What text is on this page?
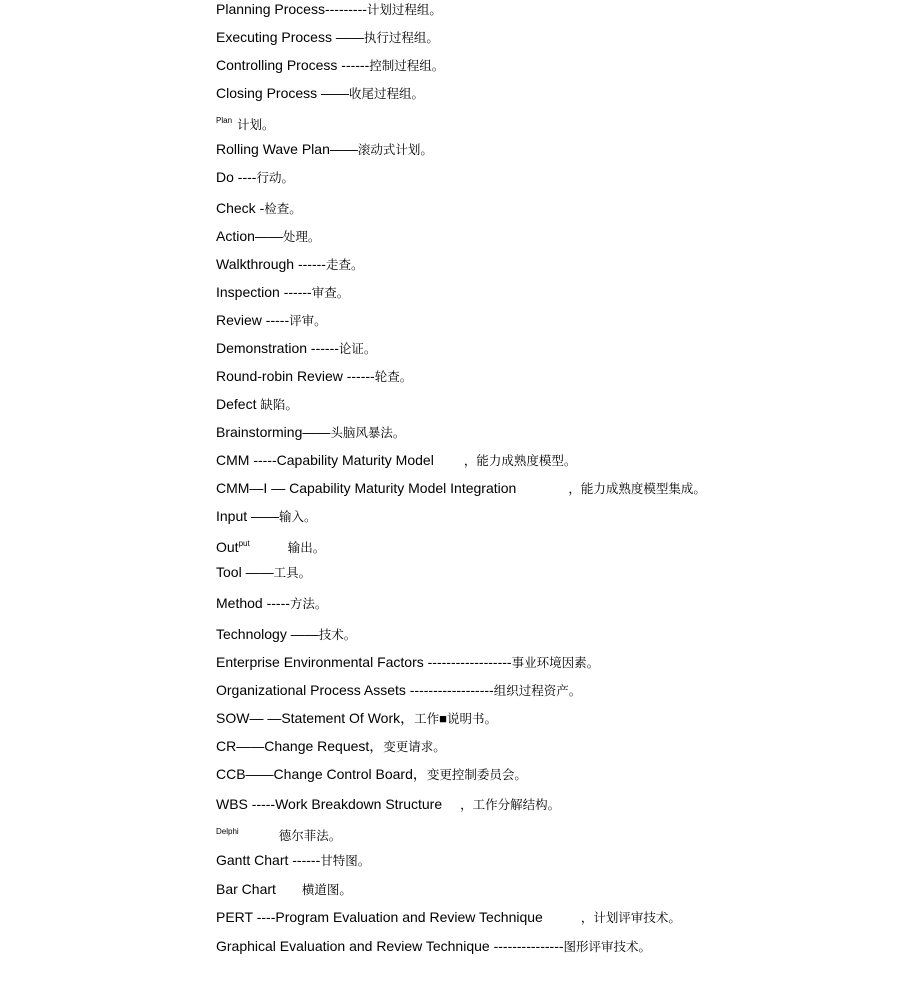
Planning Process---------计划过程组。
Executing Process ——执行过程组。
Controlling Process ------控制过程组。
Closing Process ——收尾过程组。
$^{Plan}$ 计划。
Rolling Wave Plan——滚动式计划。
Do ----行动。
Check -检查。
Action——处理。
Walkthrough ------走查。
Inspection ------审查。
Review -----评审。
Demonstration ------论证。
Round-robin Review ------轮查。
Defect 缺陷。
Brainstorming——头脑风暴法。
CMM -----Capability Maturity Model ，能力成熟度模型。
CMM—I — Capability Maturity Model Integration	，能力成熟度模型集成。
Input ——输入。
Out$^{put}$	输出。
Tool ——工具。
Method -----方法。
Technology ——技术。
Enterprise Environmental Factors ------------------事业环境因素。
Organizational Process Assets ------------------组织过程资产。
SOW— —Statement Of Work，工作■说明书。
CR——Change Request，变更请求。
CCB——Change Control Board，变更控制委员会。
WBS -----Work Breakdown Structure ，工作分解结构。
$^{Delphi}$	德尔菲法。
Gantt Chart ------甘特图。
Bar Chart 横道图。
PERT ----Program Evaluation and Review Technique	，计划评审技术。
Graphical Evaluation and Review Technique ---------------图形评审技术。
